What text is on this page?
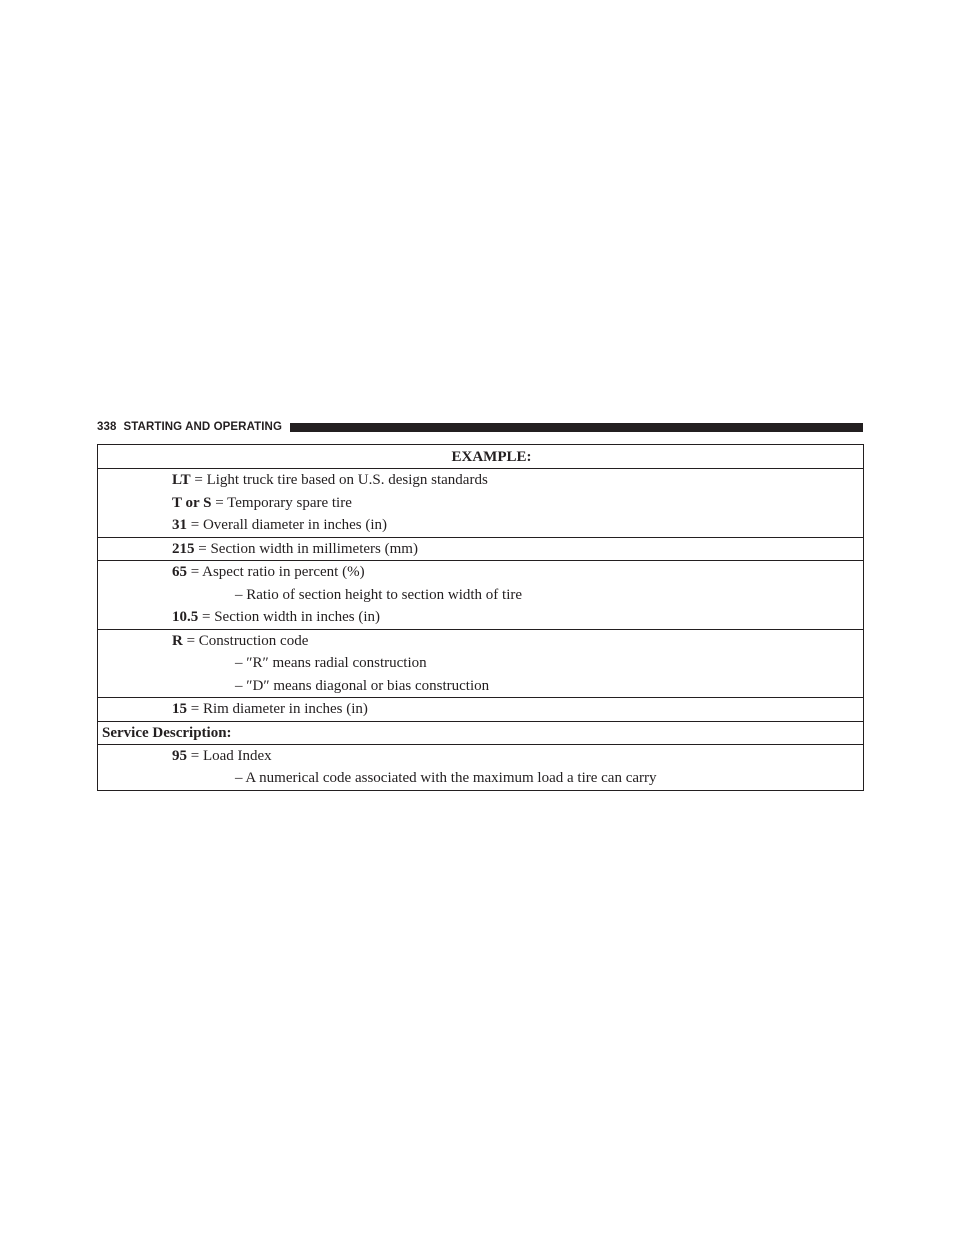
338 STARTING AND OPERATING
EXAMPLE:

LT = Light truck tire based on U.S. design standards
T or S = Temporary spare tire
31 = Overall diameter in inches (in)

215 = Section width in millimeters (mm)

65 = Aspect ratio in percent (%)
– Ratio of section height to section width of tire
10.5 = Section width in inches (in)

R = Construction code
– ″R″ means radial construction
– ″D″ means diagonal or bias construction

15 = Rim diameter in inches (in)

Service Description:

95 = Load Index
– A numerical code associated with the maximum load a tire can carry
